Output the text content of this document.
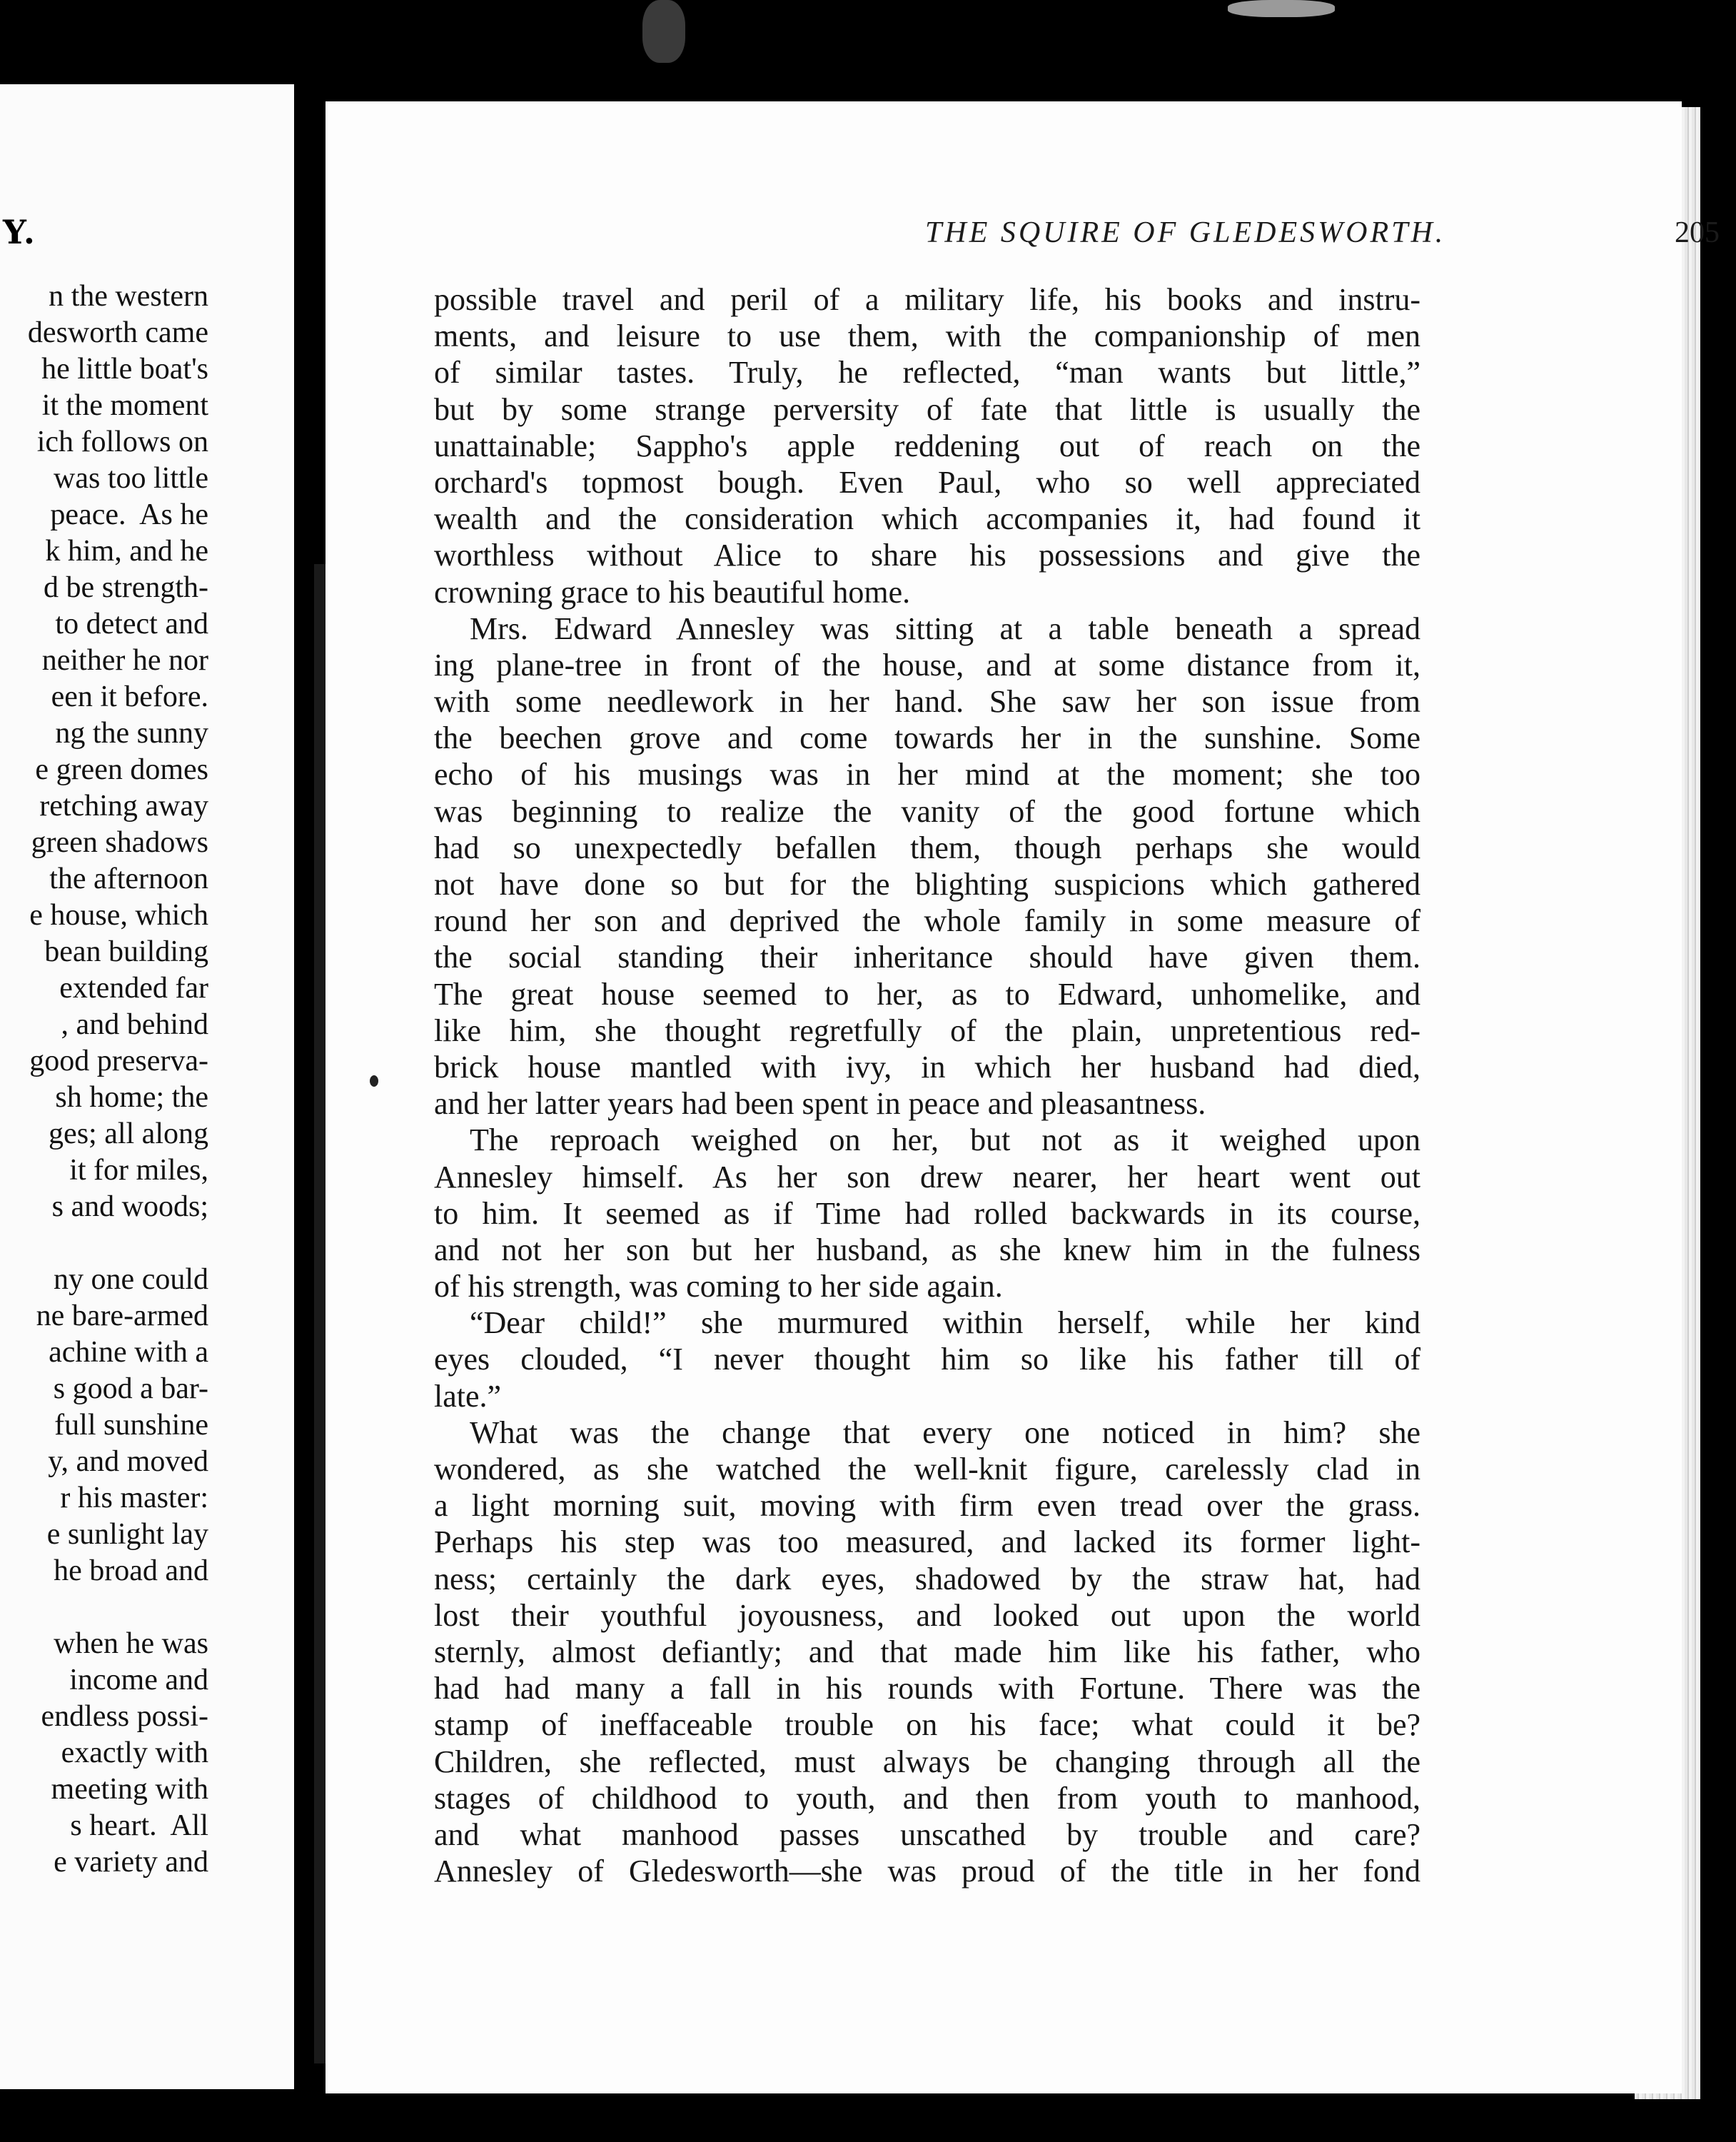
Y.
n the western
desworth came
he little boat's
it the moment
ich follows on
was too little
peace.  As he
k him, and he
d be strength-
to detect and
neither he nor
een it before.
ng the sunny
e green domes
retching away
green shadows
the afternoon
e house, which
bean building
extended far
, and behind
good preserva-
sh home; the
ges; all along
it for miles,
s and woods;
ny one could
ne bare-armed
achine with a
s good a bar-
full sunshine
y, and moved
r his master:
e sunlight lay
he broad and
when he was
income and
endless possi-
exactly with
meeting with
s heart.  All
e variety and
THE SQUIRE OF GLEDESWORTH.	205
possible travel and peril of a military life, his books and instru-
ments, and leisure to use them, with the companionship of men
of similar tastes. Truly, he reflected, “man wants but little,”
but by some strange perversity of fate that little is usually the
unattainable; Sappho's apple reddening out of reach on the
orchard's topmost bough. Even Paul, who so well appreciated
wealth and the consideration which accompanies it, had found it
worthless without Alice to share his possessions and give the
crowning grace to his beautiful home.
Mrs. Edward Annesley was sitting at a table beneath a spread
ing plane-tree in front of the house, and at some distance from it,
with some needlework in her hand. She saw her son issue from
the beechen grove and come towards her in the sunshine. Some
echo of his musings was in her mind at the moment; she too
was beginning to realize the vanity of the good fortune which
had so unexpectedly befallen them, though perhaps she would
not have done so but for the blighting suspicions which gathered
round her son and deprived the whole family in some measure of
the social standing their inheritance should have given them.
The great house seemed to her, as to Edward, unhomelike, and
like him, she thought regretfully of the plain, unpretentious red-
brick house mantled with ivy, in which her husband had died,
and her latter years had been spent in peace and pleasantness.
The reproach weighed on her, but not as it weighed upon
Annesley himself. As her son drew nearer, her heart went out
to him. It seemed as if Time had rolled backwards in its course,
and not her son but her husband, as she knew him in the fulness
of his strength, was coming to her side again.
“Dear child!” she murmured within herself, while her kind
eyes clouded, “I never thought him so like his father till of
late.”
What was the change that every one noticed in him? she
wondered, as she watched the well-knit figure, carelessly clad in
a light morning suit, moving with firm even tread over the grass.
Perhaps his step was too measured, and lacked its former light-
ness; certainly the dark eyes, shadowed by the straw hat, had
lost their youthful joyousness, and looked out upon the world
sternly, almost defiantly; and that made him like his father, who
had had many a fall in his rounds with Fortune. There was the
stamp of ineffaceable trouble on his face; what could it be?
Children, she reflected, must always be changing through all the
stages of childhood to youth, and then from youth to manhood,
and what manhood passes unscathed by trouble and care?
Annesley of Gledesworth—she was proud of the title in her fond
